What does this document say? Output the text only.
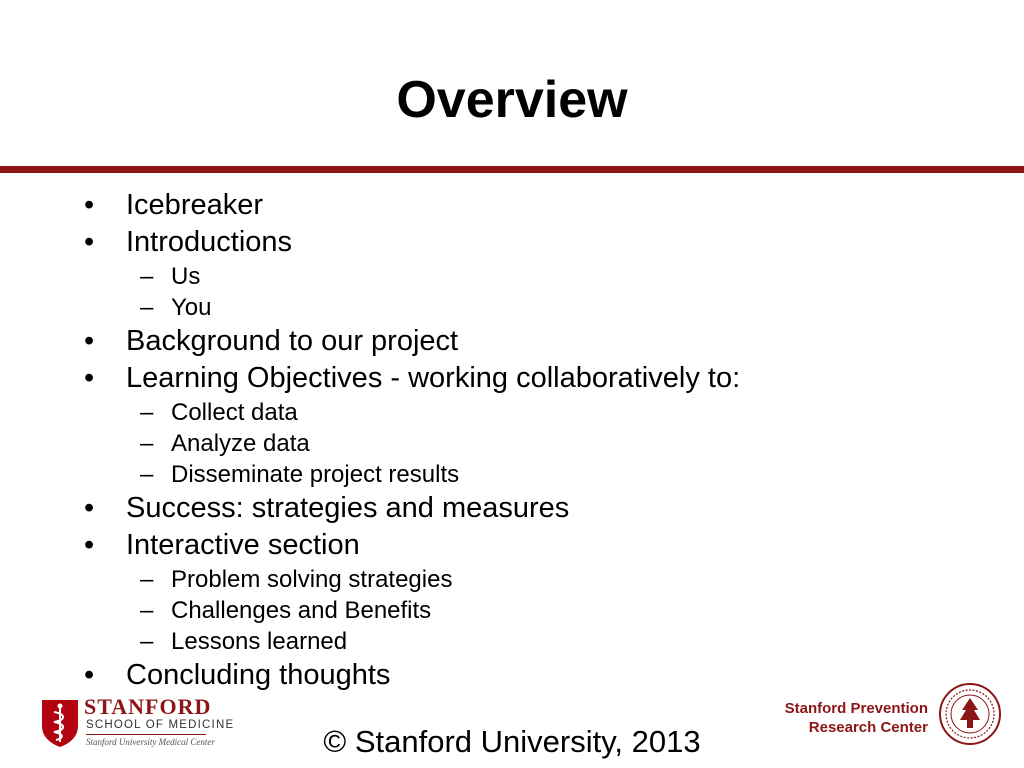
Overview
• Icebreaker
• Introductions
– Us
– You
• Background to our project
• Learning Objectives - working collaboratively to:
– Collect data
– Analyze data
– Disseminate project results
• Success: strategies and measures
• Interactive section
– Problem solving strategies
– Challenges and Benefits
– Lessons learned
• Concluding thoughts
STANFORD
SCHOOL OF MEDICINE
Stanford University Medical Center	© Stanford University, 2013
Stanford Prevention
Research Center
